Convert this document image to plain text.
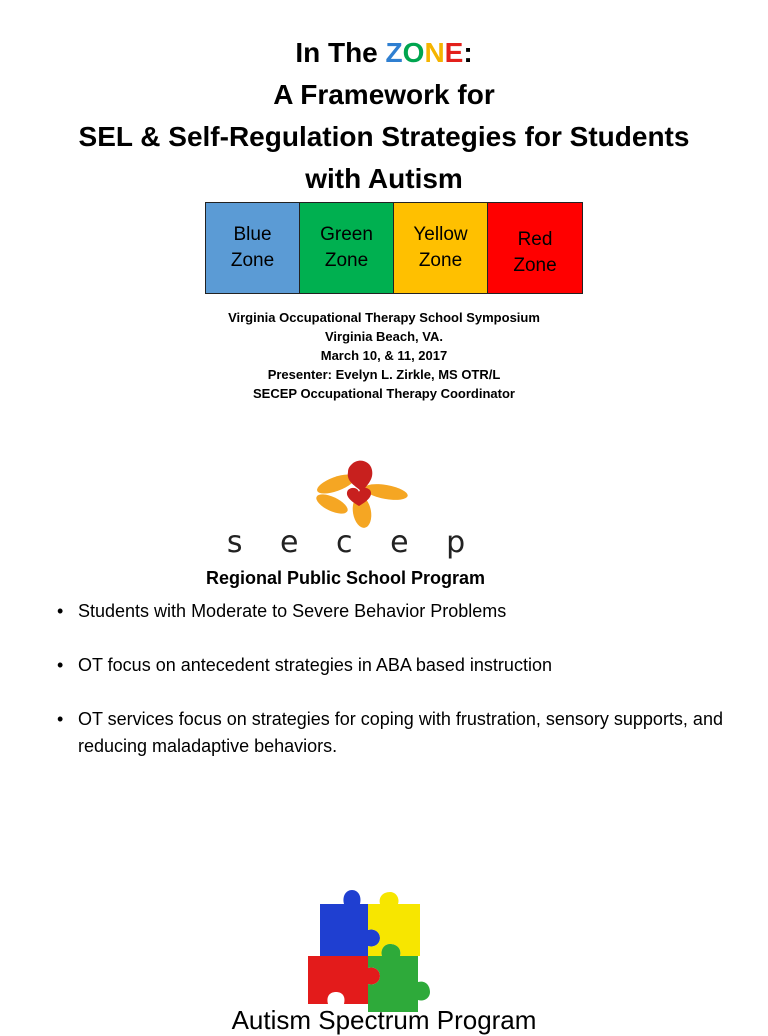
In The ZONE:
A Framework for
SEL & Self-Regulation Strategies for Students
with Autism
Blue
Zone
Green
Zone
Yellow
Zone
Red
Zone
Virginia Occupational Therapy School Symposium
Virginia Beach, VA.
March 10, & 11, 2017
Presenter: Evelyn L. Zirkle, MS OTR/L
SECEP Occupational Therapy Coordinator
s e c e p
Regional Public School Program
• Students with Moderate to Severe Behavior Problems
• OT focus on antecedent strategies in ABA based instruction
• OT services focus on strategies for coping with frustration, sensory supports, and reducing maladaptive behaviors.
Autism Spectrum Program
